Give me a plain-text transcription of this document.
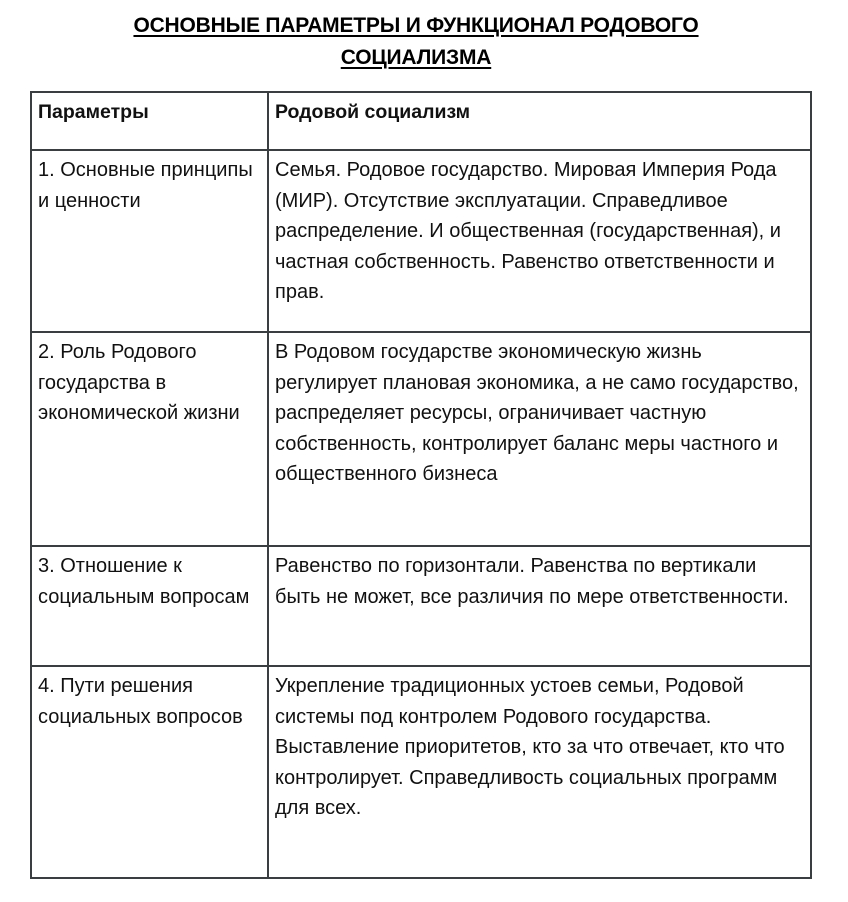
ОСНОВНЫЕ ПАРАМЕТРЫ И ФУНКЦИОНАЛ РОДОВОГО
СОЦИАЛИЗМА
Параметры	Родовой социализм

1. Основные принципы и ценности	Семья. Родовое государство. Мировая Империя Рода (МИР). Отсутствие эксплуатации. Справедливое распределение. И общественная (государственная), и частная собственность. Равенство ответственности и прав.

2. Роль Родового государства в экономической жизни	В Родовом государстве экономическую жизнь регулирует плановая экономика, а не само государство, распределяет ресурсы, ограничивает частную собственность, контролирует баланс меры частного и общественного бизнеса

3. Отношение к социальным вопросам	Равенство по горизонтали. Равенства по вертикали быть не может, все различия по мере ответственности.

4. Пути решения социальных вопросов	Укрепление традиционных устоев семьи, Родовой системы под контролем Родового государства. Выставление приоритетов, кто за что отвечает, кто что контролирует. Справедливость социальных программ для всех.
